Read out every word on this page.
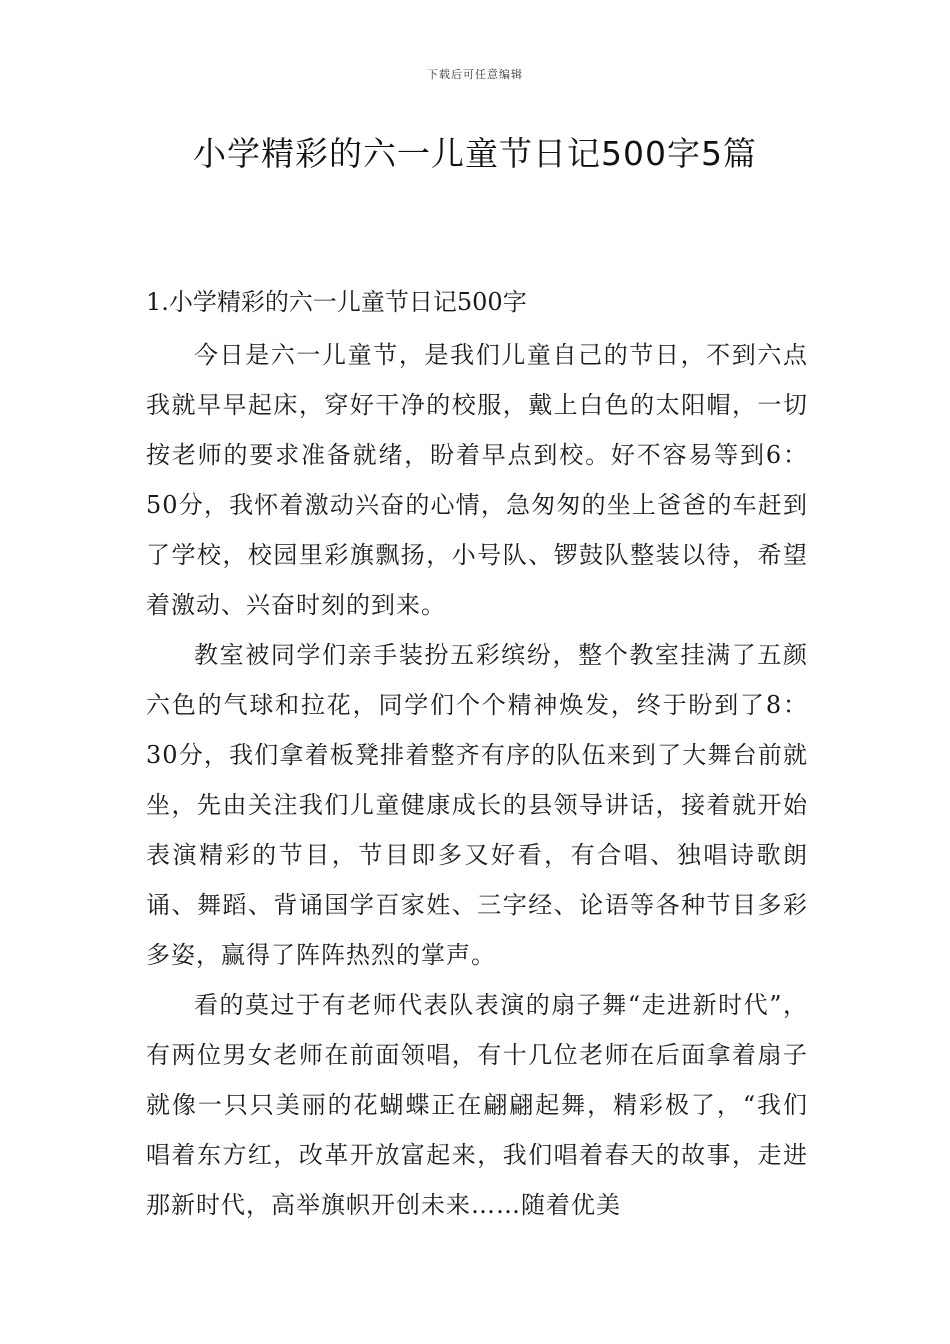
下载后可任意编辑
小学精彩的六一儿童节日记500字5篇
1.小学精彩的六一儿童节日记500字

今日是六一儿童节，是我们儿童自己的节日，不到六点我就早早起床，穿好干净的校服，戴上白色的太阳帽，一切按老师的要求准备就绪，盼着早点到校。好不容易等到6：50分，我怀着激动兴奋的心情，急匆匆的坐上爸爸的车赶到了学校，校园里彩旗飘扬，小号队、锣鼓队整装以待，希望着激动、兴奋时刻的到来。

教室被同学们亲手装扮五彩缤纷，整个教室挂满了五颜六色的气球和拉花，同学们个个精神焕发，终于盼到了8：30分，我们拿着板凳排着整齐有序的队伍来到了大舞台前就坐，先由关注我们儿童健康成长的县领导讲话，接着就开始表演精彩的节目，节目即多又好看，有合唱、独唱诗歌朗诵、舞蹈、背诵国学百家姓、三字经、论语等各种节目多彩多姿，赢得了阵阵热烈的掌声。

看的莫过于有老师代表队表演的扇子舞“走进新时代”，有两位男女老师在前面领唱，有十几位老师在后面拿着扇子就像一只只美丽的花蝴蝶正在翩翩起舞，精彩极了，“我们唱着东方红，改革开放富起来，我们唱着春天的故事，走进那新时代，高举旗帜开创未来……随着优美
